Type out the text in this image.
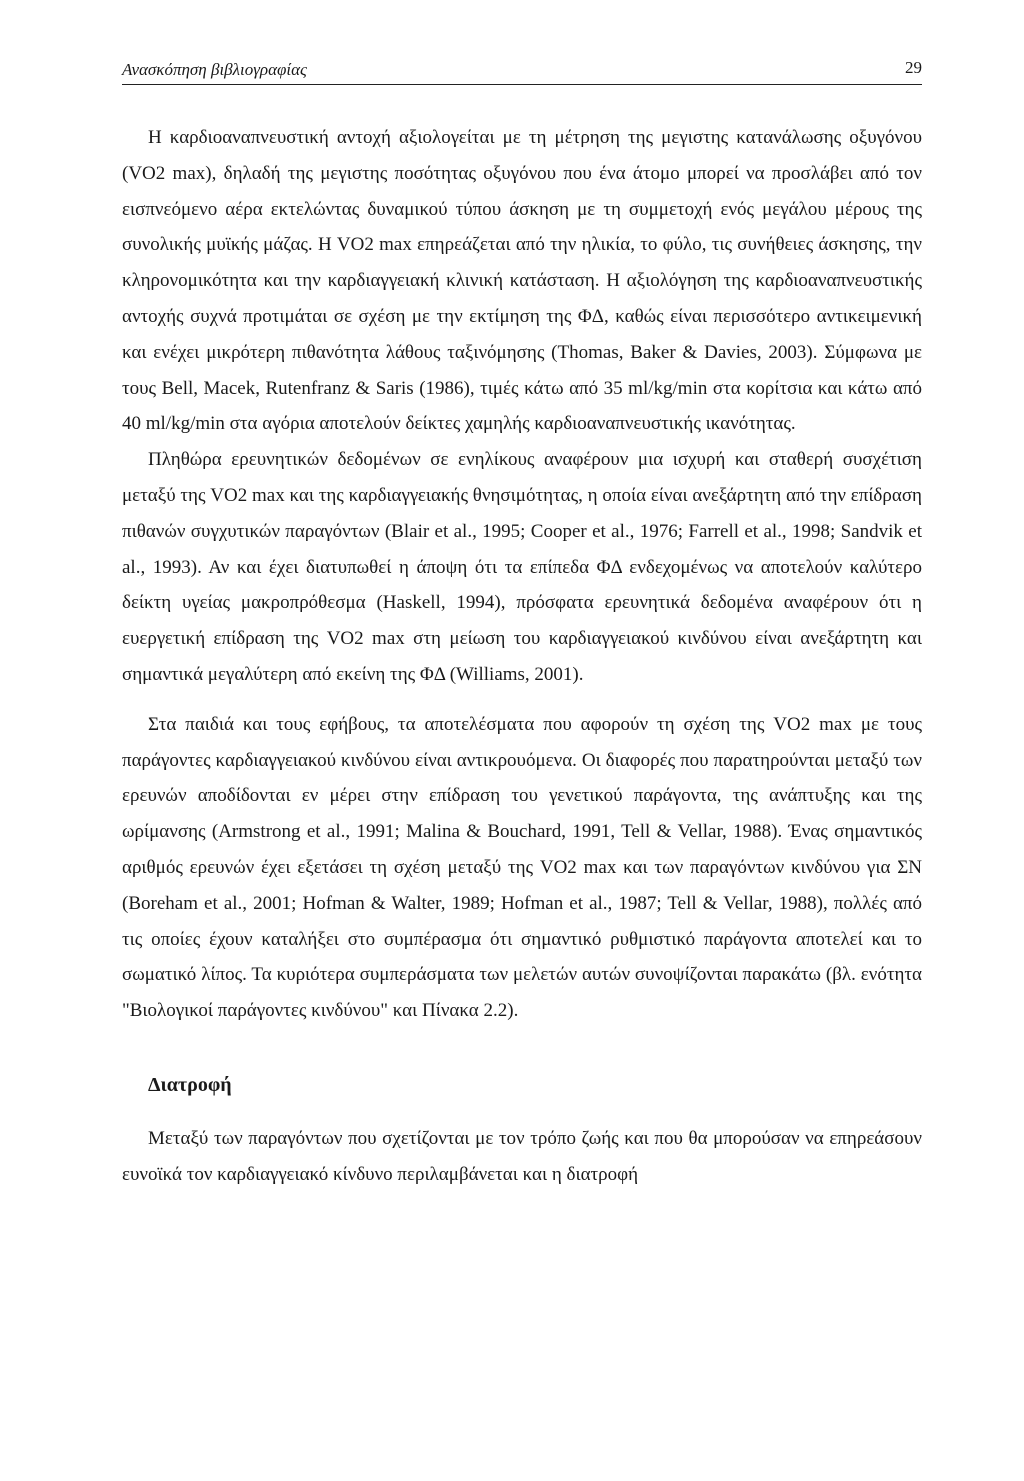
Ανασκόπηση βιβλιογραφίας	29

Η καρδιοαναπνευστική αντοχή αξιολογείται με τη μέτρηση της μεγιστης κατανάλωσης οξυγόνου (VO2 max), δηλαδή της μεγιστης ποσότητας οξυγόνου που ένα άτομο μπορεί να προσλάβει από τον εισπνεόμενο αέρα εκτελώντας δυναμικού τύπου άσκηση με τη συμμετοχή ενός μεγάλου μέρους της συνολικής μυϊκής μάζας. Η VO2 max επηρεάζεται από την ηλικία, το φύλο, τις συνήθειες άσκησης, την κληρονομικότητα και την καρδιαγγειακή κλινική κατάσταση. Η αξιολόγηση της καρδιοαναπνευστικής αντοχής συχνά προτιμάται σε σχέση με την εκτίμηση της ΦΔ, καθώς είναι περισσότερο αντικειμενική και ενέχει μικρότερη πιθανότητα λάθους ταξινόμησης (Thomas, Baker & Davies, 2003). Σύμφωνα με τους Bell, Macek, Rutenfranz & Saris (1986), τιμές κάτω από 35 ml/kg/min στα κορίτσια και κάτω από 40 ml/kg/min στα αγόρια αποτελούν δείκτες χαμηλής καρδιοαναπνευστικής ικανότητας.

Πληθώρα ερευνητικών δεδομένων σε ενηλίκους αναφέρουν μια ισχυρή και σταθερή συσχέτιση μεταξύ της VO2 max και της καρδιαγγειακής θνησιμότητας, η οποία είναι ανεξάρτητη από την επίδραση πιθανών συγχυτικών παραγόντων (Blair et al., 1995; Cooper et al., 1976; Farrell et al., 1998; Sandvik et al., 1993). Αν και έχει διατυπωθεί η άποψη ότι τα επίπεδα ΦΔ ενδεχομένως να αποτελούν καλύτερο δείκτη υγείας μακροπρόθεσμα (Haskell, 1994), πρόσφατα ερευνητικά δεδομένα αναφέρουν ότι η ευεργετική επίδραση της VO2 max στη μείωση του καρδιαγγειακού κινδύνου είναι ανεξάρτητη και σημαντικά μεγαλύτερη από εκείνη της ΦΔ (Williams, 2001).

Στα παιδιά και τους εφήβους, τα αποτελέσματα που αφορούν τη σχέση της VO2 max με τους παράγοντες καρδιαγγειακού κινδύνου είναι αντικρουόμενα. Οι διαφορές που παρατηρούνται μεταξύ των ερευνών αποδίδονται εν μέρει στην επίδραση του γενετικού παράγοντα, της ανάπτυξης και της ωρίμανσης (Armstrong et al., 1991; Malina & Bouchard, 1991, Tell & Vellar, 1988). Ένας σημαντικός αριθμός ερευνών έχει εξετάσει τη σχέση μεταξύ της VO2 max και των παραγόντων κινδύνου για ΣΝ (Boreham et al., 2001; Hofman & Walter, 1989; Hofman et al., 1987; Tell & Vellar, 1988), πολλές από τις οποίες έχουν καταλήξει στο συμπέρασμα ότι σημαντικό ρυθμιστικό παράγοντα αποτελεί και το σωματικό λίπος. Τα κυριότερα συμπεράσματα των μελετών αυτών συνοψίζονται παρακάτω (βλ. ενότητα "Βιολογικοί παράγοντες κινδύνου" και Πίνακα 2.2).

Διατροφή

Μεταξύ των παραγόντων που σχετίζονται με τον τρόπο ζωής και που θα μπορούσαν να επηρεάσουν ευνοϊκά τον καρδιαγγειακό κίνδυνο περιλαμβάνεται και η διατροφή
